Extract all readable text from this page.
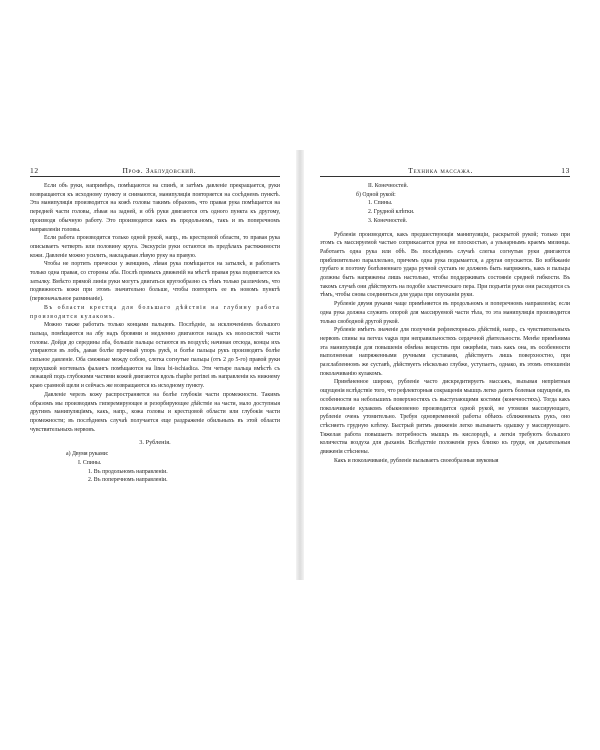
12	Проф. Заблудовский.

Если объ руки, напримѣръ, помѣщаются на спинѣ, и затѣмъ давленіе прекращается, руки возвращаются къ исходному пункту и снимаются, манипуляція повторяется на сосѣднемъ пунктѣ. Эта манипуляція производится на кожѣ головы такимъ образомъ, что правая рука помѣщается на передней части головы, лѣвая на задней, и обѣ руки двигаются отъ одного пункта къ другому, производя обычную работу. Это производится какъ въ продольномъ, такъ и въ поперечномъ направленіи головы.

Если работа производится только одной рукой, напр., въ крестцовой области, то правая рука описываетъ четверть или половину круга. Экскурсіи руки остаются въ предѣлахъ растяжимости кожи. Давленіе можно усилить, накладывая лѣвую руку на правую.

Чтобы не портить прически у женщинъ, лѣвая рука помѣщается на затылкѣ, и работаетъ только одна правая, со стороны лба. Послѣ прямыхъ движеній на мѣстѣ правая рука подвигается къ затылку. Вмѣсто прямой линіи руки могутъ двигаться кругообразно съ тѣмъ только различіемъ, что подвижность кожи при этомъ значительно больше, чтобы повторить ее въ новомъ пунктѣ (первоначальное разминаніе).

Въ области крестца для большаго дѣйствія на глубину работа производится кулакомъ.

Можно также работать только концами пальцевъ. Послѣдніе, за исключеніемъ большого пальца, помѣщаются на лбу надъ бровями и медленно двигаются назадъ къ волосистой части головы. Дойдя до середины лба, большіе пальцы остаются въ воздухѣ; начиная отсюда, концы ихъ упираются въ лобъ, давая болѣе прочный упоръ рукѣ, и болѣе пальцы рукъ производятъ болѣе сильное давленіе. Оба смежные между собою, слегка согнутые пальцы (отъ 2 до 5-го) правой руки верхушкой ногтевыхъ фалангъ помѣщаются на linea bi-ischiadica. Эти четыре пальца вмѣстѣ съ лежащей подъ глубокими частями кожей двигаются вдоль rhaphe perinei въ направленіи къ нижнему краю срамной щели и сейчасъ же возвращаются къ исходному пункту.

Давленіе черезъ кожу распространяется на болѣе глубокія части промежности. Такимъ образомъ мы производимъ гиперемирующее и резорбирующее дѣйствіе на части, мало доступныя другимъ манипуляціямъ, какъ, напр., кожа головы и крестцовой области или глубокія части промежности; въ послѣднемъ случаѣ получается еще раздраженіе обильныхъ въ этой области чувствительныхъ нервовъ.

3. Рубленія.
а) Двумя руками:
I. Спины.
1. Въ продольномъ направленіи.
2. Въ поперечномъ направленіи.
Техника массажа.	13
II. Конечностей.
б) Одной рукой:
1. Спины.
2. Грудной клѣтки.
3. Конечностей.

Рубленія производятся, какъ предшествующія манипуляціи, раскрытой рукой; только при этомъ съ массируемой частью соприкасается рука не плоскостью, а ульнарнымъ краемъ мизинца. Работаетъ одна рука или обѣ. Въ послѣднемъ случаѣ слегка согнутыя руки двигаются приблизительно параллельно, причемъ одна рука подымается, а другая опускается. Во избѣжаніе грубаго и поэтому болѣзненнаго удара ручной суставъ не долженъ быть напряженъ, какъ и пальцы должны быть напряжены лишь настолько, чтобы поддерживать состояніе средней гибкости. Въ такомъ случаѣ они дѣйствуютъ на подобіе эластическаго пера. При подъятіи руки они расходятся съ тѣмъ, чтобы снова соединиться для удара при опусканіи руки.

Рубленіе двумя руками чаще примѣняется въ продольномъ и поперечномъ направленіи; если одна рука должна служить опорой для массируемой части тѣла, то эта манипуляція производится только свободной другой рукой.

Рубленіе имѣетъ значеніе для полученія рефлекторныхъ дѣйствій, напр., съ чувствительныхъ нервовъ спины на nervus vagus при неправильностяхъ сердечной дѣятельности. Менѣе примѣнима эта манипуляція для повышенія обмѣна веществъ при ожирѣніи, такъ какъ она, въ особенности выполненная напряженными ручными суставами, дѣйствуетъ лишь поверхностно, при разслабленномъ же суставѣ, дѣйствуетъ нѣсколько глубже, уступаетъ, однако, въ этомъ отношеніи поколачиванію кулакомъ.

Примѣненное широко, рубленіе часто дискредитируетъ массажъ, вызывая непріятныя ощущенія вслѣдствіе того, что рефлекторныя сокращенія мышцъ легко даютъ болевыя ощущенія, въ особенности на небольшихъ поверхностяхъ съ выступающими костями (конечностяхъ). Тогда какъ поколачиваніе кулакомъ обыкновенно производится одной рукой, не утомляя массирующаго, рубленіе очень утомительно. Требуя одновременной работы обѣихъ сближенныхъ рукъ, оно стѣсняетъ грудную клѣтку. Быстрый ритмъ движенія легко вызываетъ одышку у массирующаго. Тяжелая работа повышаетъ потребность мышцъ въ кислородѣ, а легкія требуютъ большого количества воздуха для дыханія. Вслѣдствіе положенія рукъ близко къ груди, ея дыхательныя движенія стѣснены.

Какъ и поколачиваніе, рубленіе вызываетъ своеобразныя звуковыя
